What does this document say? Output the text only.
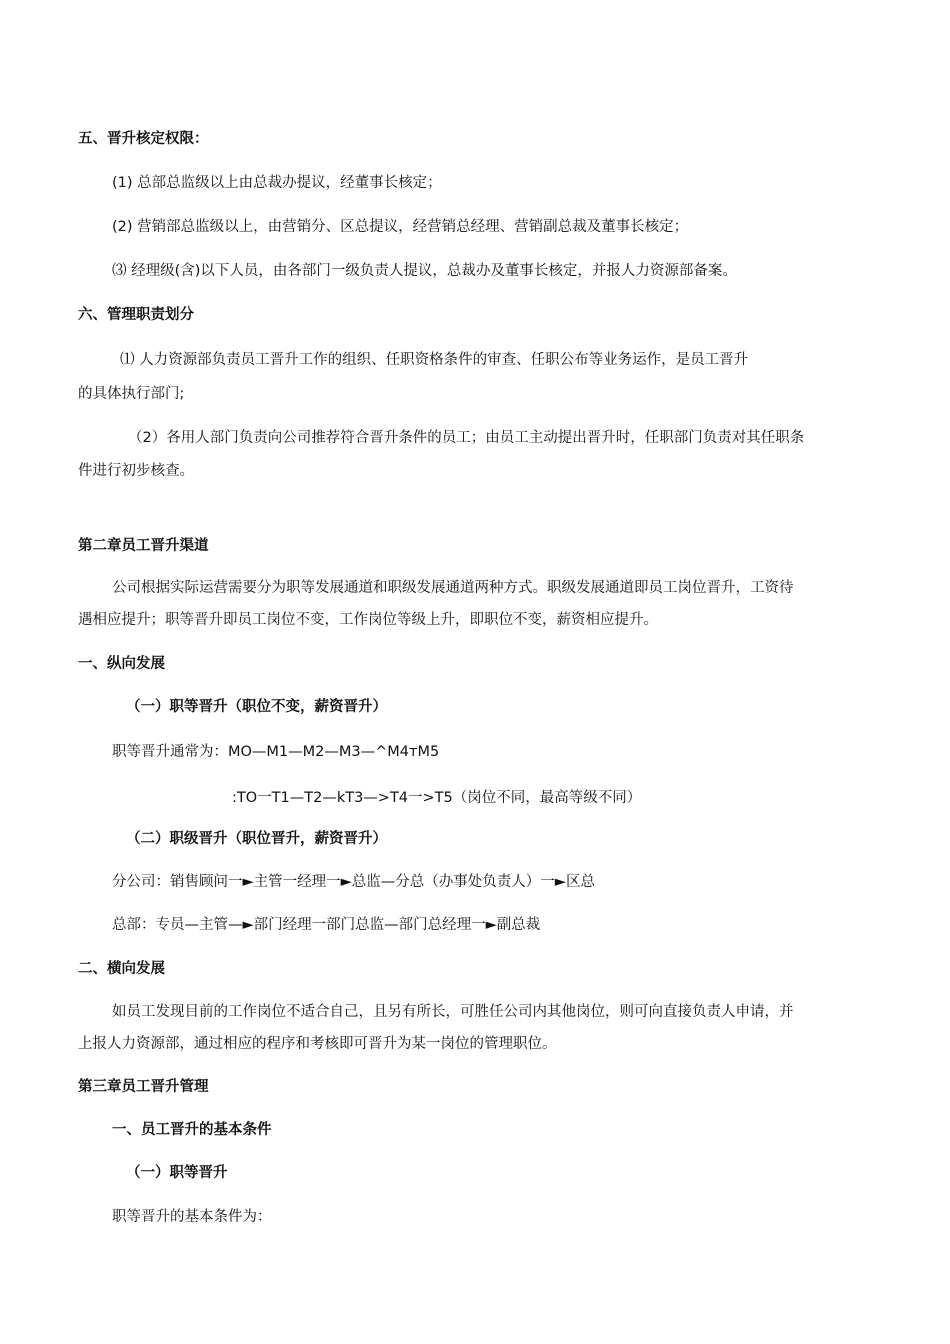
五、晋升核定权限：

(1) 总部总监级以上由总裁办提议，经董事长核定；

(2) 营销部总监级以上，由营销分、区总提议，经营销总经理、营销副总裁及董事长核定；

⑶ 经理级(含)以下人员，由各部门一级负责人提议，总裁办及董事长核定，并报人力资源部备案。

六、管理职责划分

⑴ 人力资源部负责员工晋升工作的组织、任职资格条件的审查、任职公布等业务运作，是员工晋升

的具体执行部门;

（2）各用人部门负责向公司推荐符合晋升条件的员工；由员工主动提出晋升时，任职部门负责对其任职条

件进行初步核查。

第二章员工晋升渠道

公司根据实际运营需要分为职等发展通道和职级发展通道两种方式。职级发展通道即员工岗位晋升，工资待

遇相应提升；职等晋升即员工岗位不变，工作岗位等级上升，即职位不变，薪资相应提升。

一、纵向发展

（一）职等晋升（职位不变，薪资晋升）

职等晋升通常为：MO—M1—M2—M3—^M4тM5

:TO一T1—T2—kT3—>T4一>T5（岗位不同，最高等级不同）

（二）职级晋升（职位晋升，薪资晋升）

分公司：销售顾问一►主管一经理一►总监—分总（办事处负责人）一►区总

总部：专员—主管—►部门经理一部门总监—部门总经理一►副总裁

二、横向发展

如员工发现目前的工作岗位不适合自己，且另有所长，可胜任公司内其他岗位，则可向直接负责人申请，并

上报人力资源部，通过相应的程序和考核即可晋升为某一岗位的管理职位。

第三章员工晋升管理

一、员工晋升的基本条件

（一）职等晋升

职等晋升的基本条件为：
